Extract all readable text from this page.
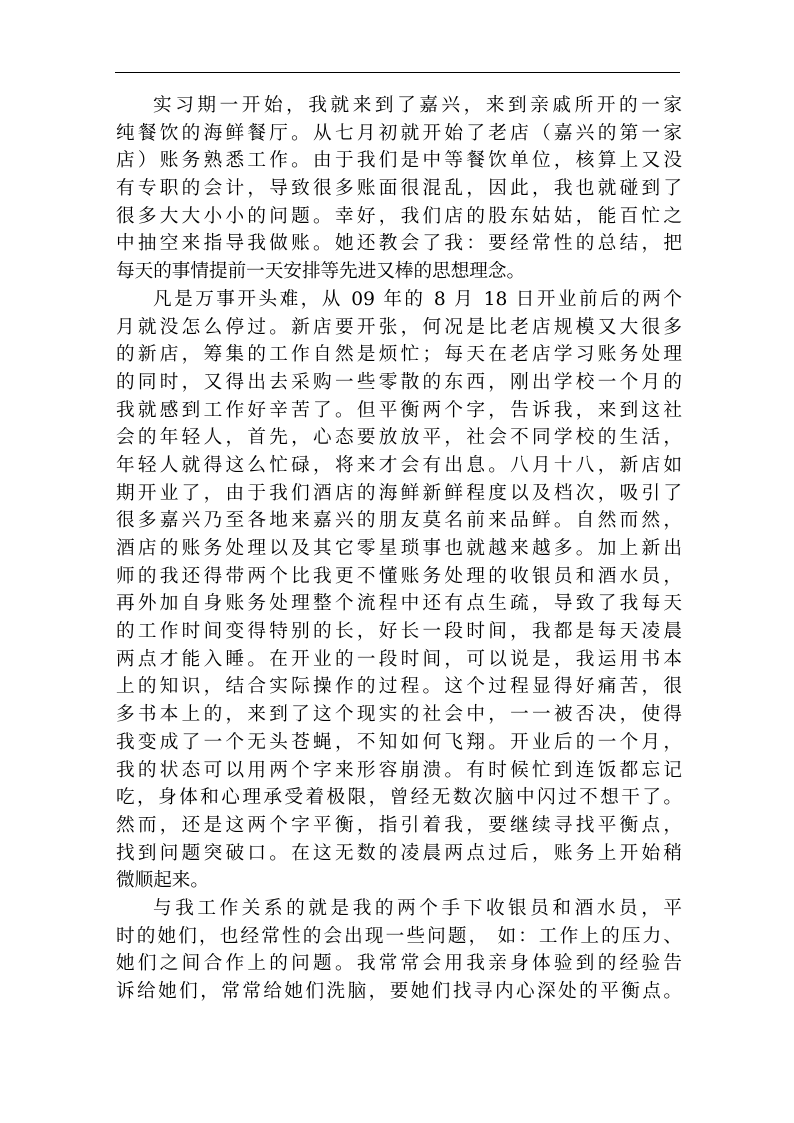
实习期一开始，我就来到了嘉兴，来到亲戚所开的一家
纯餐饮的海鲜餐厅。从七月初就开始了老店（嘉兴的第一家
店）账务熟悉工作。由于我们是中等餐饮单位，核算上又没
有专职的会计，导致很多账面很混乱，因此，我也就碰到了
很多大大小小的问题。幸好，我们店的股东姑姑，能百忙之
中抽空来指导我做账。她还教会了我：要经常性的总结，把
每天的事情提前一天安排等先进又棒的思想理念。

凡是万事开头难，从 09 年的 8 月 18 日开业前后的两个
月就没怎么停过。新店要开张，何况是比老店规模又大很多
的新店，筹集的工作自然是烦忙；每天在老店学习账务处理
的同时，又得出去采购一些零散的东西，刚出学校一个月的
我就感到工作好辛苦了。但平衡两个字，告诉我，来到这社
会的年轻人，首先，心态要放放平，社会不同学校的生活，
年轻人就得这么忙碌，将来才会有出息。八月十八，新店如
期开业了，由于我们酒店的海鲜新鲜程度以及档次，吸引了
很多嘉兴乃至各地来嘉兴的朋友莫名前来品鲜。自然而然，
酒店的账务处理以及其它零星琐事也就越来越多。加上新出
师的我还得带两个比我更不懂账务处理的收银员和酒水员，
再外加自身账务处理整个流程中还有点生疏，导致了我每天
的工作时间变得特别的长，好长一段时间，我都是每天凌晨
两点才能入睡。在开业的一段时间，可以说是，我运用书本
上的知识，结合实际操作的过程。这个过程显得好痛苦，很
多书本上的，来到了这个现实的社会中，一一被否决，使得
我变成了一个无头苍蝇，不知如何飞翔。开业后的一个月，
我的状态可以用两个字来形容崩溃。有时候忙到连饭都忘记
吃，身体和心理承受着极限，曾经无数次脑中闪过不想干了。
然而，还是这两个字平衡，指引着我，要继续寻找平衡点，
找到问题突破口。在这无数的凌晨两点过后，账务上开始稍
微顺起来。

与我工作关系的就是我的两个手下收银员和酒水员，平
时的她们，也经常性的会出现一些问题， 如：工作上的压力、
她们之间合作上的问题。我常常会用我亲身体验到的经验告
诉给她们，常常给她们洗脑，要她们找寻内心深处的平衡点。
